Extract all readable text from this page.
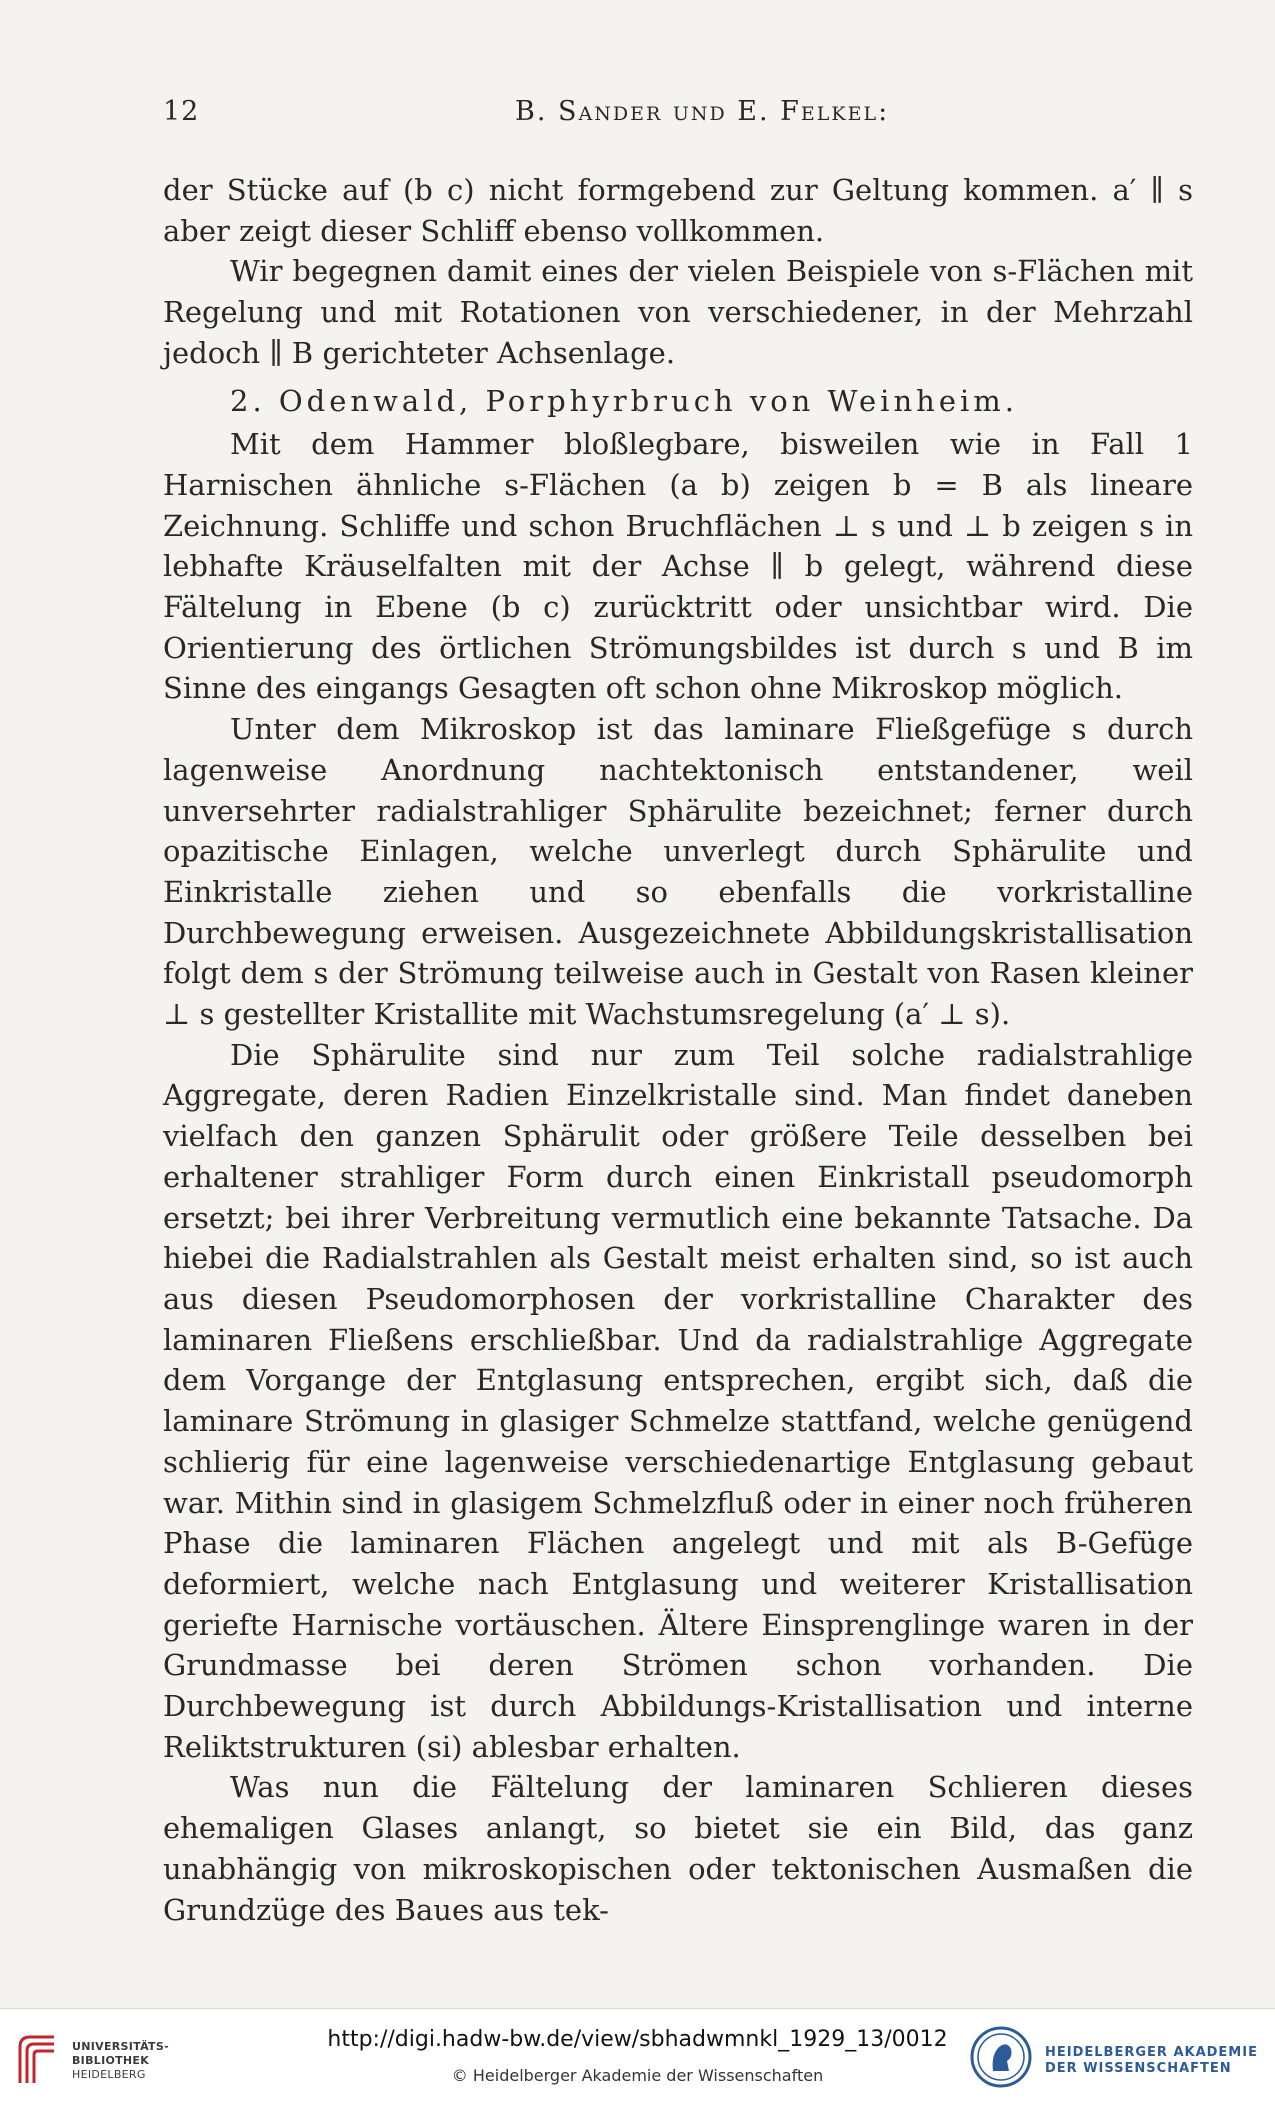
12	B. Sander und E. Felkel:

der Stücke auf (b c) nicht formgebend zur Geltung kommen. a′ ∥ s aber zeigt dieser Schliff ebenso vollkommen.

Wir begegnen damit eines der vielen Beispiele von s-Flächen mit Regelung und mit Rotationen von verschiedener, in der Mehrzahl jedoch ∥ B gerichteter Achsenlage.

2. Odenwald, Porphyrbruch von Weinheim.

Mit dem Hammer bloßlegbare, bisweilen wie in Fall 1 Harnischen ähnliche s-Flächen (a b) zeigen b = B als lineare Zeichnung. Schliffe und schon Bruchflächen ⊥ s und ⊥ b zeigen s in lebhafte Kräuselfalten mit der Achse ∥ b gelegt, während diese Fältelung in Ebene (b c) zurücktritt oder unsichtbar wird. Die Orientierung des örtlichen Strömungsbildes ist durch s und B im Sinne des eingangs Gesagten oft schon ohne Mikroskop möglich.

Unter dem Mikroskop ist das laminare Fließgefüge s durch lagenweise Anordnung nachtektonisch entstandener, weil unversehrter radialstrahliger Sphärulite bezeichnet; ferner durch opazitische Einlagen, welche unverlegt durch Sphärulite und Einkristalle ziehen und so ebenfalls die vorkristalline Durchbewegung erweisen. Ausgezeichnete Abbildungskristallisation folgt dem s der Strömung teilweise auch in Gestalt von Rasen kleiner ⊥ s gestellter Kristallite mit Wachstumsregelung (a′ ⊥ s).

Die Sphärulite sind nur zum Teil solche radialstrahlige Aggregate, deren Radien Einzelkristalle sind. Man findet daneben vielfach den ganzen Sphärulit oder größere Teile desselben bei erhaltener strahliger Form durch einen Einkristall pseudomorph ersetzt; bei ihrer Verbreitung vermutlich eine bekannte Tatsache. Da hiebei die Radialstrahlen als Gestalt meist erhalten sind, so ist auch aus diesen Pseudomorphosen der vorkristalline Charakter des laminaren Fließens erschließbar. Und da radialstrahlige Aggregate dem Vorgange der Entglasung entsprechen, ergibt sich, daß die laminare Strömung in glasiger Schmelze stattfand, welche genügend schlierig für eine lagenweise verschiedenartige Entglasung gebaut war. Mithin sind in glasigem Schmelzfluß oder in einer noch früheren Phase die laminaren Flächen angelegt und mit als B-Gefüge deformiert, welche nach Entglasung und weiterer Kristallisation geriefte Harnische vortäuschen. Ältere Einsprenglinge waren in der Grundmasse bei deren Strömen schon vorhanden. Die Durchbewegung ist durch Abbildungs-Kristallisation und interne Reliktstrukturen (si) ablesbar erhalten.

Was nun die Fältelung der laminaren Schlieren dieses ehemaligen Glases anlangt, so bietet sie ein Bild, das ganz unabhängig von mikroskopischen oder tektonischen Ausmaßen die Grundzüge des Baues aus tek-

UNIVERSITÄTS-
BIBLIOTHEK
HEIDELBERG
http://digi.hadw-bw.de/view/sbhadwmnkl_1929_13/0012
© Heidelberger Akademie der Wissenschaften
HEIDELBERGER AKADEMIE
DER WISSENSCHAFTEN
